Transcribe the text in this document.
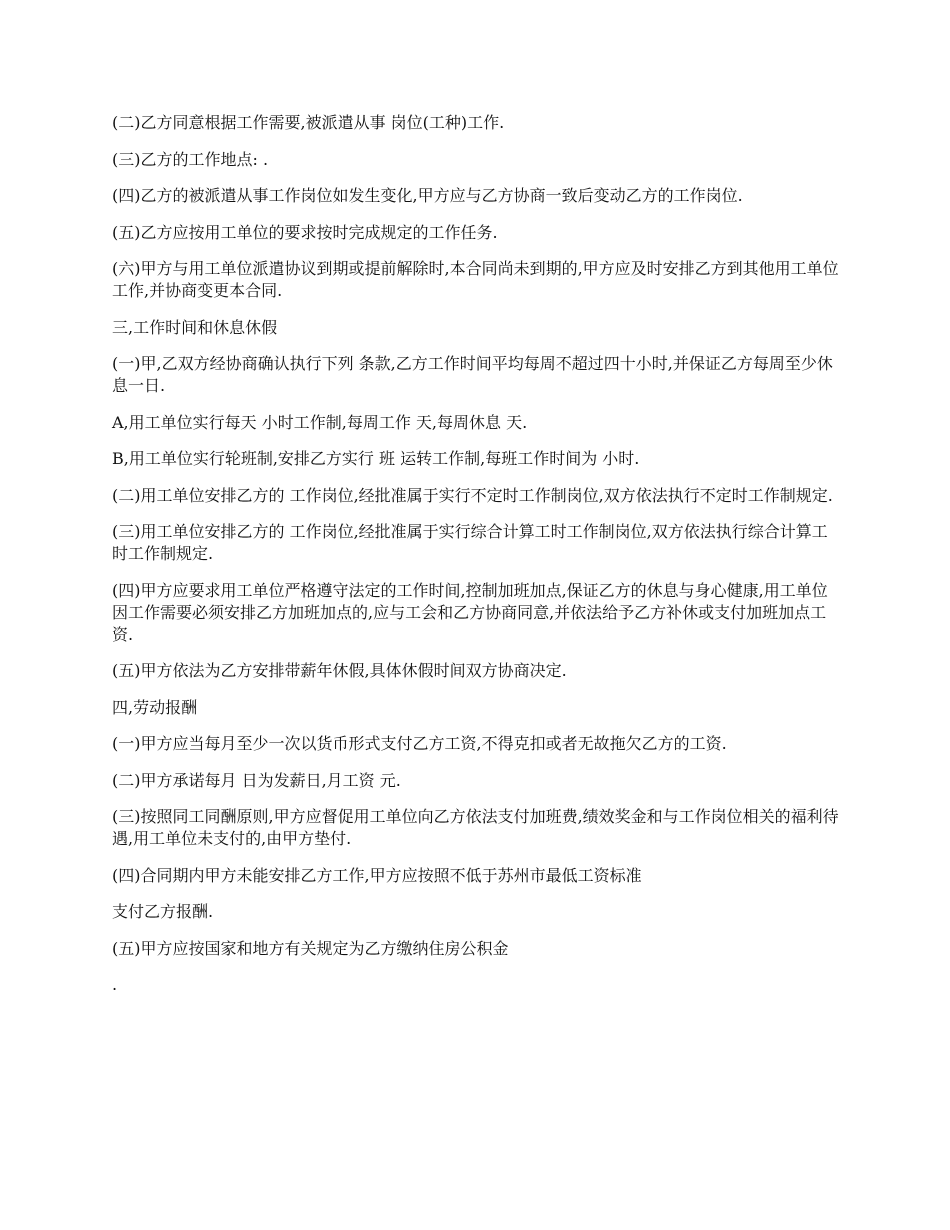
(二)乙方同意根据工作需要,被派遣从事 岗位(工种)工作.

(三)乙方的工作地点: .

(四)乙方的被派遣从事工作岗位如发生变化,甲方应与乙方协商一致后变动乙方的工作岗位.

(五)乙方应按用工单位的要求按时完成规定的工作任务.

(六)甲方与用工单位派遣协议到期或提前解除时,本合同尚未到期的,甲方应及时安排乙方到其他用工单位工作,并协商变更本合同.

三,工作时间和休息休假

(一)甲,乙双方经协商确认执行下列 条款,乙方工作时间平均每周不超过四十小时,并保证乙方每周至少休息一日.

A,用工单位实行每天 小时工作制,每周工作 天,每周休息 天.

B,用工单位实行轮班制,安排乙方实行 班 运转工作制,每班工作时间为 小时.

(二)用工单位安排乙方的 工作岗位,经批准属于实行不定时工作制岗位,双方依法执行不定时工作制规定.

(三)用工单位安排乙方的 工作岗位,经批准属于实行综合计算工时工作制岗位,双方依法执行综合计算工时工作制规定.

(四)甲方应要求用工单位严格遵守法定的工作时间,控制加班加点,保证乙方的休息与身心健康,用工单位因工作需要必须安排乙方加班加点的,应与工会和乙方协商同意,并依法给予乙方补休或支付加班加点工资.

(五)甲方依法为乙方安排带薪年休假,具体休假时间双方协商决定.

四,劳动报酬

(一)甲方应当每月至少一次以货币形式支付乙方工资,不得克扣或者无故拖欠乙方的工资.

(二)甲方承诺每月 日为发薪日,月工资 元.

(三)按照同工同酬原则,甲方应督促用工单位向乙方依法支付加班费,绩效奖金和与工作岗位相关的福利待遇,用工单位未支付的,由甲方垫付.

(四)合同期内甲方未能安排乙方工作,甲方应按照不低于苏州市最低工资标准

支付乙方报酬.

(五)甲方应按国家和地方有关规定为乙方缴纳住房公积金

.
